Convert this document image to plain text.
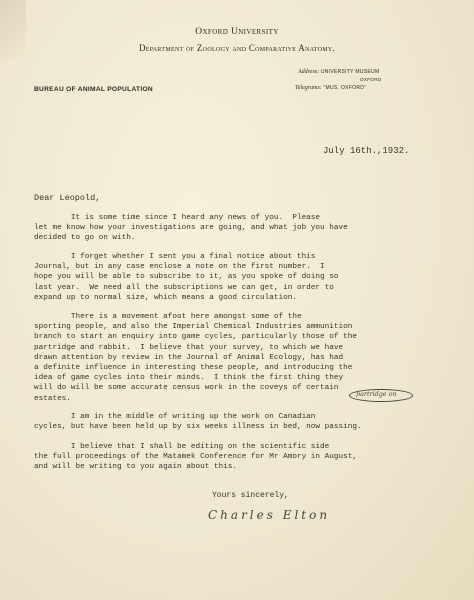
Oxford University
Department of Zoology and Comparative Anatomy.
BUREAU OF ANIMAL POPULATION
Address: UNIVERSITY MUSEUM
OXFORD
Telegrams: "MUS. OXFORD"
July 16th.,1932.
Dear Leopold,
It is some time since I heard any news of you.  Please
let me know how your investigations are going, and what job you have
decided to go on with.
I forget whether I sent you a final notice about this
Journal, but in any case enclose a note on the first number.  I
hope you will be able to subscribe to it, as you spoke of doing so
last year.  We need all the subscriptions we can get, in order to
expand up to normal size, which means a good circulation.
There is a movement afoot here amongst some of the
sporting people, and also the Imperial Chemical Industries ammunition
branch to start an enquiry into game cycles, particularly those of the
partridge and rabbit.  I believe that your survey, to which we have
drawn attention by review in the Journal of Animal Ecology, has had
a definite influence in interesting these people, and introducing the
idea of game cycles into their minds.  I think the first thing they
will do will be some accurate census work in the coveys of certain
estates.
partridge on
I am in the middle of writing up the work on Canadian
cycles, but have been held up by six weeks illness in bed, now passing.
I believe that I shall be editing on the scientific side
the full proceedings of the Matamek Conference for Mr Amory in August,
and will be writing to you again about this.
Yours sincerely,
Charles Elton
